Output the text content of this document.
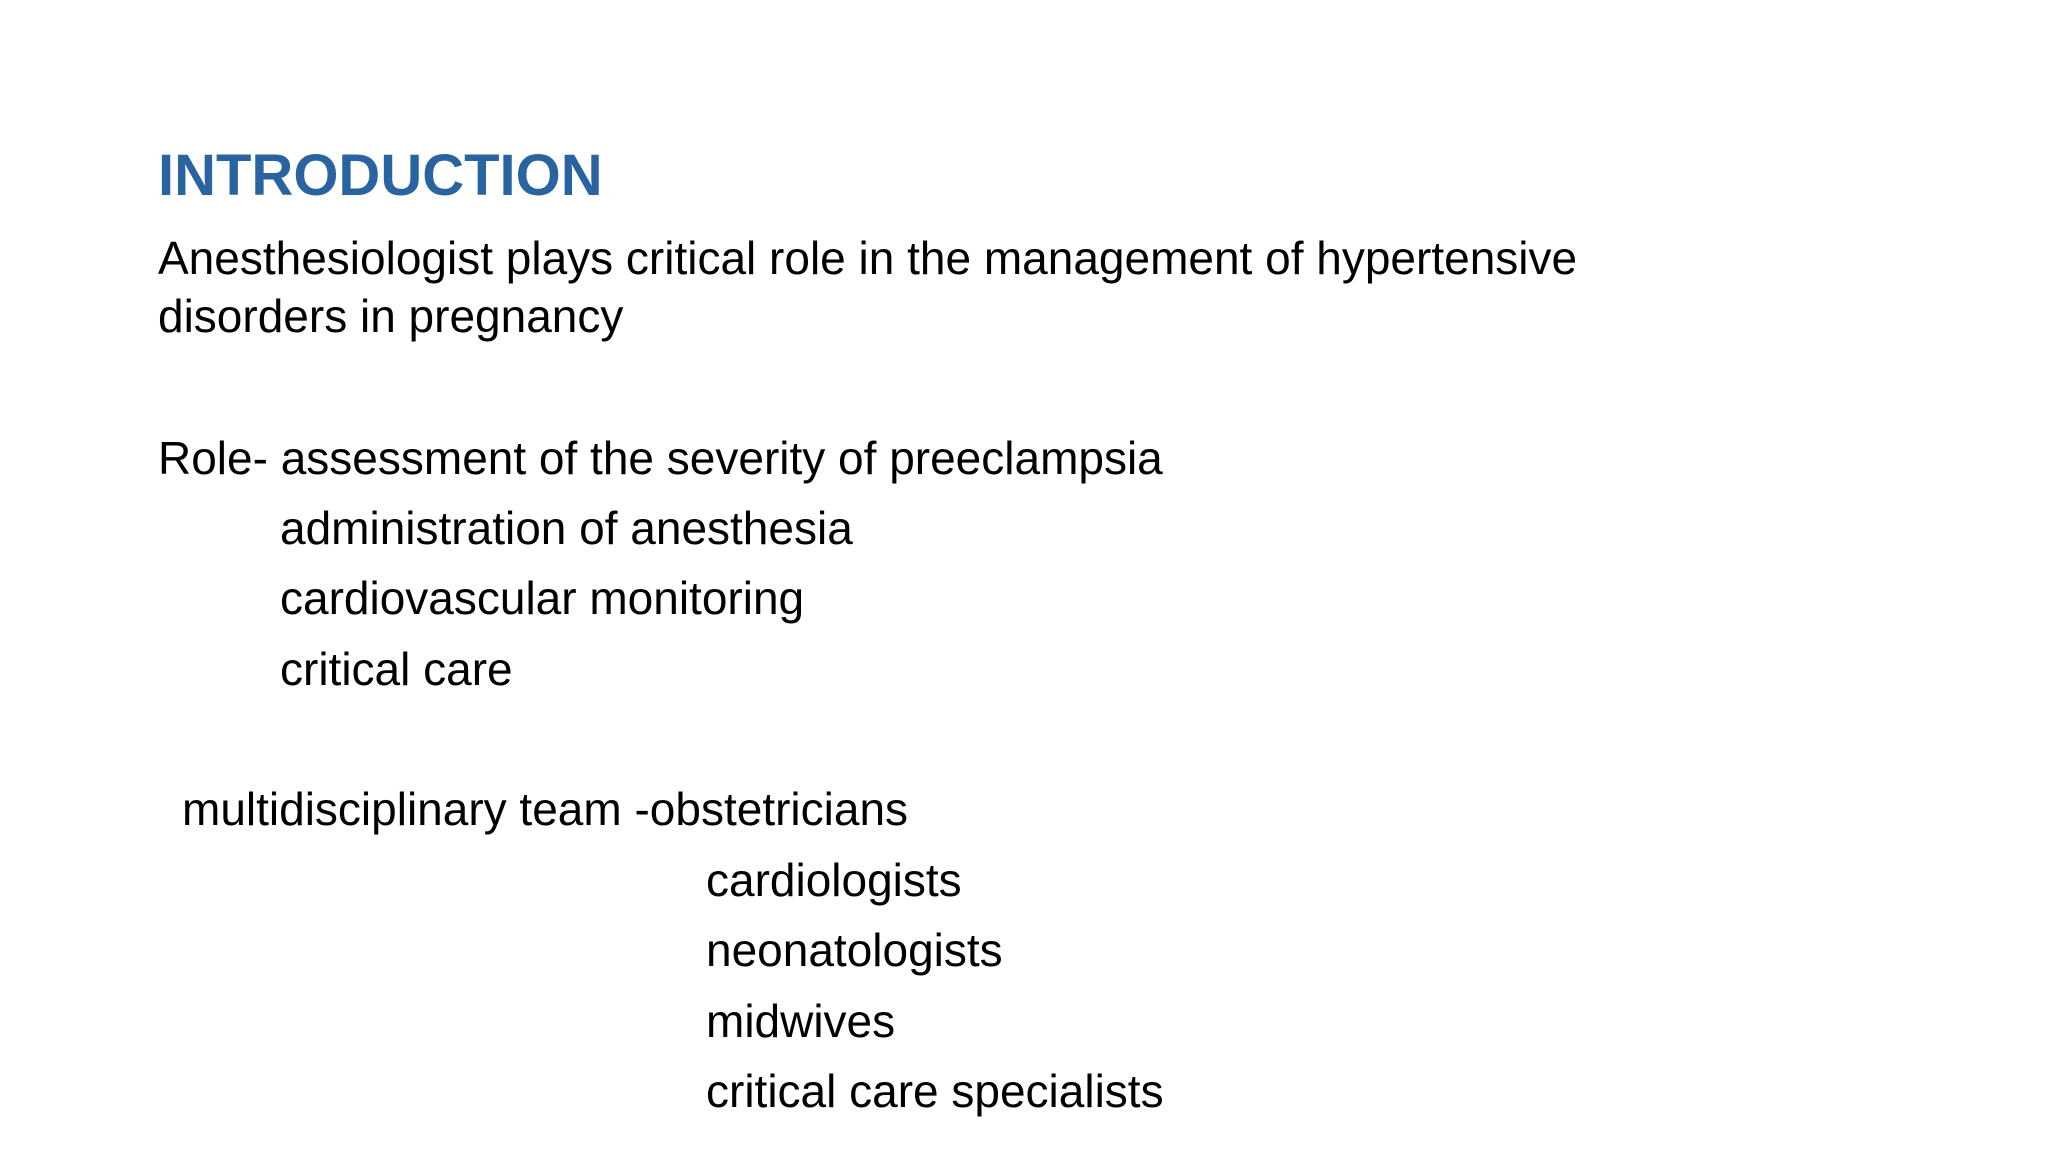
INTRODUCTION
Anesthesiologist plays critical role in the management of hypertensive
disorders in pregnancy
Role- assessment of the severity of preeclampsia
administration of anesthesia
cardiovascular monitoring
critical care
multidisciplinary team -obstetricians
cardiologists
neonatologists
midwives
critical care specialists
